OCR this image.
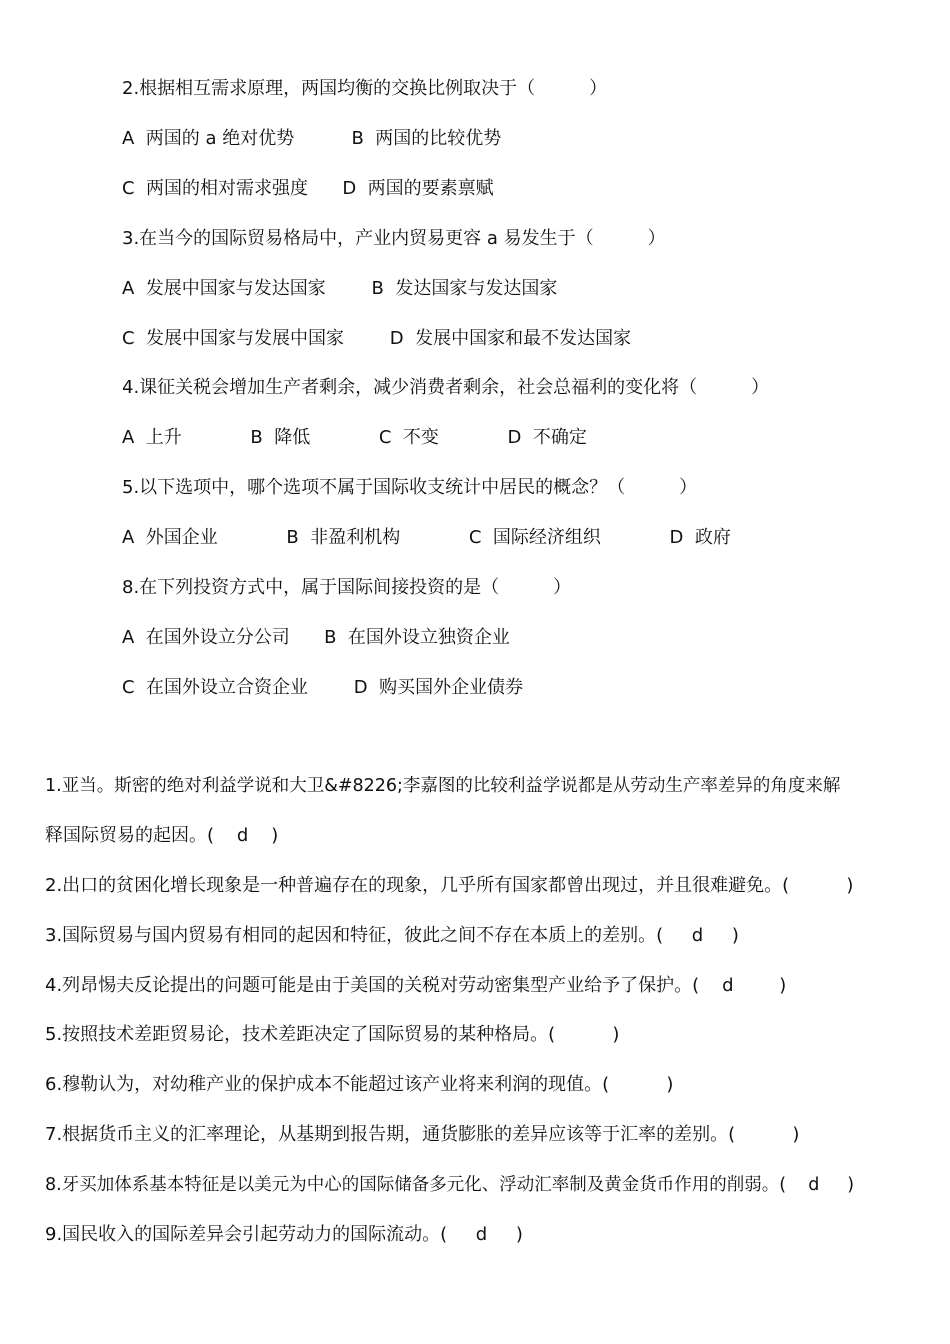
2.根据相互需求原理，两国均衡的交换比例取决于（　　　）
A  两国的 a 绝对优势          B  两国的比较优势
C  两国的相对需求强度      D  两国的要素禀赋
3.在当今的国际贸易格局中，产业内贸易更容 a 易发生于（　　　）
A  发展中国家与发达国家        B  发达国家与发达国家
C  发展中国家与发展中国家        D  发展中国家和最不发达国家
4.课征关税会增加生产者剩余，减少消费者剩余，社会总福利的变化将（　　　）
A  上升            B  降低            C  不变            D  不确定
5.以下选项中，哪个选项不属于国际收支统计中居民的概念？（　　　）
A  外国企业            B  非盈利机构            C  国际经济组织            D  政府
8.在下列投资方式中，属于国际间接投资的是（　　　）
A  在国外设立分公司      B  在国外设立独资企业
C  在国外设立合资企业        D  购买国外企业债券
1.亚当。斯密的绝对利益学说和大卫&#8226;李嘉图的比较利益学说都是从劳动生产率差异的角度来解
释国际贸易的起因。(    d    )
2.出口的贫困化增长现象是一种普遍存在的现象，几乎所有国家都曾出现过，并且很难避免。(          )
3.国际贸易与国内贸易有相同的起因和特征，彼此之间不存在本质上的差别。(     d     )
4.列昂惕夫反论提出的问题可能是由于美国的关税对劳动密集型产业给予了保护。(    d        )
5.按照技术差距贸易论，技术差距决定了国际贸易的某种格局。(          )
6.穆勒认为，对幼稚产业的保护成本不能超过该产业将来利润的现值。(          )
7.根据货币主义的汇率理论，从基期到报告期，通货膨胀的差异应该等于汇率的差别。(          )
8.牙买加体系基本特征是以美元为中心的国际储备多元化、浮动汇率制及黄金货币作用的削弱。(    d     )
9.国民收入的国际差异会引起劳动力的国际流动。(     d     )
